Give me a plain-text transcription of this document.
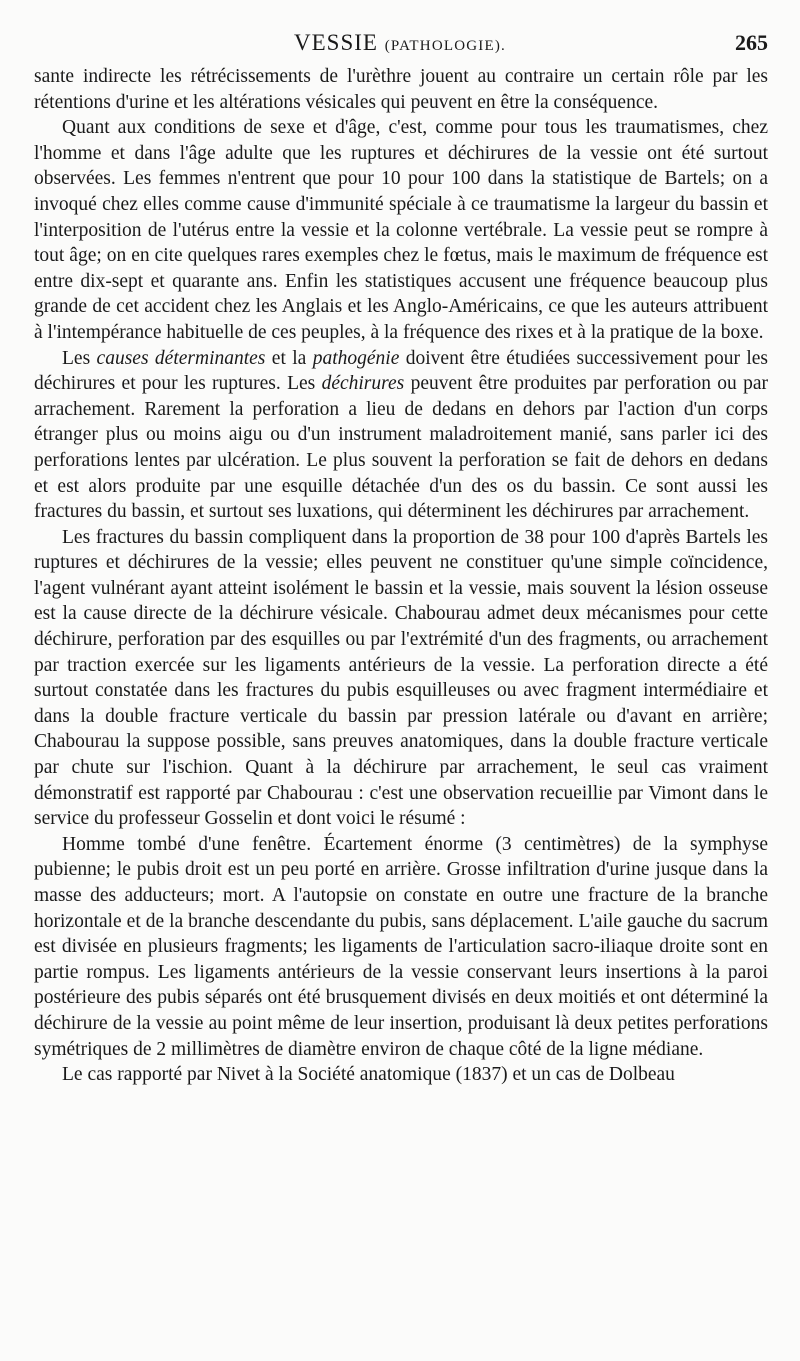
VESSIE (PATHOLOGIE).	265

sante indirecte les rétrécissements de l'urèthre jouent au contraire un certain rôle par les rétentions d'urine et les altérations vésicales qui peuvent en être la conséquence.

Quant aux conditions de sexe et d'âge, c'est, comme pour tous les traumatismes, chez l'homme et dans l'âge adulte que les ruptures et déchirures de la vessie ont été surtout observées. Les femmes n'entrent que pour 10 pour 100 dans la statistique de Bartels; on a invoqué chez elles comme cause d'immunité spéciale à ce traumatisme la largeur du bassin et l'interposition de l'utérus entre la vessie et la colonne vertébrale. La vessie peut se rompre à tout âge; on en cite quelques rares exemples chez le fœtus, mais le maximum de fréquence est entre dix-sept et quarante ans. Enfin les statistiques accusent une fréquence beaucoup plus grande de cet accident chez les Anglais et les Anglo-Américains, ce que les auteurs attribuent à l'intempérance habituelle de ces peuples, à la fréquence des rixes et à la pratique de la boxe.

Les causes déterminantes et la pathogénie doivent être étudiées successivement pour les déchirures et pour les ruptures. Les déchirures peuvent être produites par perforation ou par arrachement. Rarement la perforation a lieu de dedans en dehors par l'action d'un corps étranger plus ou moins aigu ou d'un instrument maladroitement manié, sans parler ici des perforations lentes par ulcération. Le plus souvent la perforation se fait de dehors en dedans et est alors produite par une esquille détachée d'un des os du bassin. Ce sont aussi les fractures du bassin, et surtout ses luxations, qui déterminent les déchirures par arrachement.

Les fractures du bassin compliquent dans la proportion de 38 pour 100 d'après Bartels les ruptures et déchirures de la vessie; elles peuvent ne constituer qu'une simple coïncidence, l'agent vulnérant ayant atteint isolément le bassin et la vessie, mais souvent la lésion osseuse est la cause directe de la déchirure vésicale. Chabourau admet deux mécanismes pour cette déchirure, perforation par des esquilles ou par l'extrémité d'un des fragments, ou arrachement par traction exercée sur les ligaments antérieurs de la vessie. La perforation directe a été surtout constatée dans les fractures du pubis esquilleuses ou avec fragment intermédiaire et dans la double fracture verticale du bassin par pression latérale ou d'avant en arrière; Chabourau la suppose possible, sans preuves anatomiques, dans la double fracture verticale par chute sur l'ischion. Quant à la déchirure par arrachement, le seul cas vraiment démonstratif est rapporté par Chabourau : c'est une observation recueillie par Vimont dans le service du professeur Gosselin et dont voici le résumé :

Homme tombé d'une fenêtre. Écartement énorme (3 centimètres) de la symphyse pubienne; le pubis droit est un peu porté en arrière. Grosse infiltration d'urine jusque dans la masse des adducteurs; mort. A l'autopsie on constate en outre une fracture de la branche horizontale et de la branche descendante du pubis, sans déplacement. L'aile gauche du sacrum est divisée en plusieurs fragments; les ligaments de l'articulation sacro-iliaque droite sont en partie rompus. Les ligaments antérieurs de la vessie conservant leurs insertions à la paroi postérieure des pubis séparés ont été brusquement divisés en deux moitiés et ont déterminé la déchirure de la vessie au point même de leur insertion, produisant là deux petites perforations symétriques de 2 millimètres de diamètre environ de chaque côté de la ligne médiane.

Le cas rapporté par Nivet à la Société anatomique (1837) et un cas de Dolbeau
